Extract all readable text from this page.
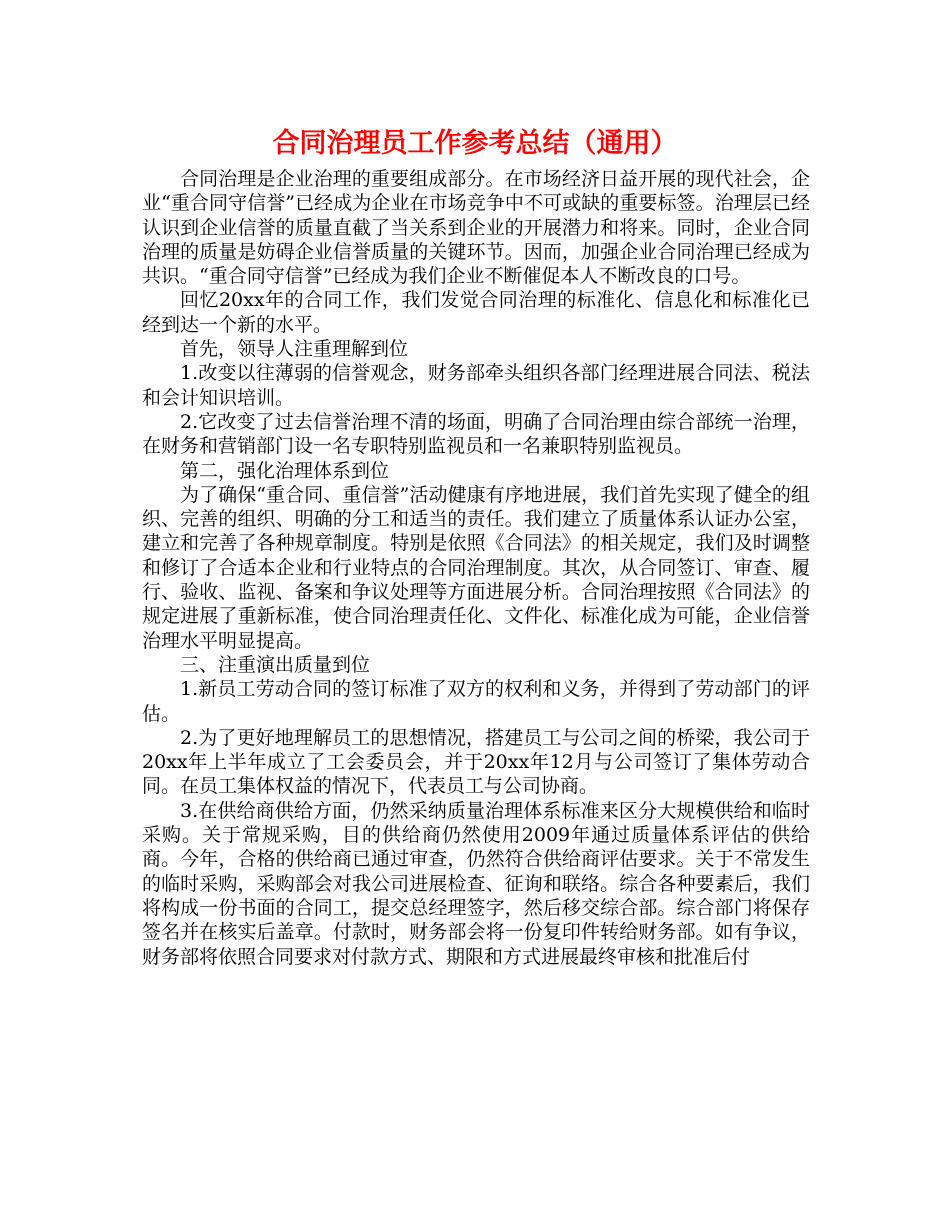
合同治理员工作参考总结（通用）

合同治理是企业治理的重要组成部分。在市场经济日益开展的现代社会，企业“重合同守信誉”已经成为企业在市场竞争中不可或缺的重要标签。治理层已经认识到企业信誉的质量直截了当关系到企业的开展潜力和将来。同时，企业合同治理的质量是妨碍企业信誉质量的关键环节。因而，加强企业合同治理已经成为共识。“重合同守信誉”已经成为我们企业不断催促本人不断改良的口号。

回忆20xx年的合同工作，我们发觉合同治理的标准化、信息化和标准化已经到达一个新的水平。

首先，领导人注重理解到位

1.改变以往薄弱的信誉观念，财务部牵头组织各部门经理进展合同法、税法和会计知识培训。

2.它改变了过去信誉治理不清的场面，明确了合同治理由综合部统一治理，在财务和营销部门设一名专职特别监视员和一名兼职特别监视员。

第二，强化治理体系到位

为了确保“重合同、重信誉”活动健康有序地进展，我们首先实现了健全的组织、完善的组织、明确的分工和适当的责任。我们建立了质量体系认证办公室，建立和完善了各种规章制度。特别是依照《合同法》的相关规定，我们及时调整和修订了合适本企业和行业特点的合同治理制度。其次，从合同签订、审查、履行、验收、监视、备案和争议处理等方面进展分析。合同治理按照《合同法》的规定进展了重新标准，使合同治理责任化、文件化、标准化成为可能，企业信誉治理水平明显提高。

三、注重演出质量到位

1.新员工劳动合同的签订标准了双方的权利和义务，并得到了劳动部门的评估。

2.为了更好地理解员工的思想情况，搭建员工与公司之间的桥梁，我公司于20xx年上半年成立了工会委员会，并于20xx年12月与公司签订了集体劳动合同。在员工集体权益的情况下，代表员工与公司协商。

3.在供给商供给方面，仍然采纳质量治理体系标准来区分大规模供给和临时采购。关于常规采购，目的供给商仍然使用2009年通过质量体系评估的供给商。今年，合格的供给商已通过审查，仍然符合供给商评估要求。关于不常发生的临时采购，采购部会对我公司进展检查、征询和联络。综合各种要素后，我们将构成一份书面的合同工，提交总经理签字，然后移交综合部。综合部门将保存签名并在核实后盖章。付款时，财务部会将一份复印件转给财务部。如有争议，财务部将依照合同要求对付款方式、期限和方式进展最终审核和批准后付
